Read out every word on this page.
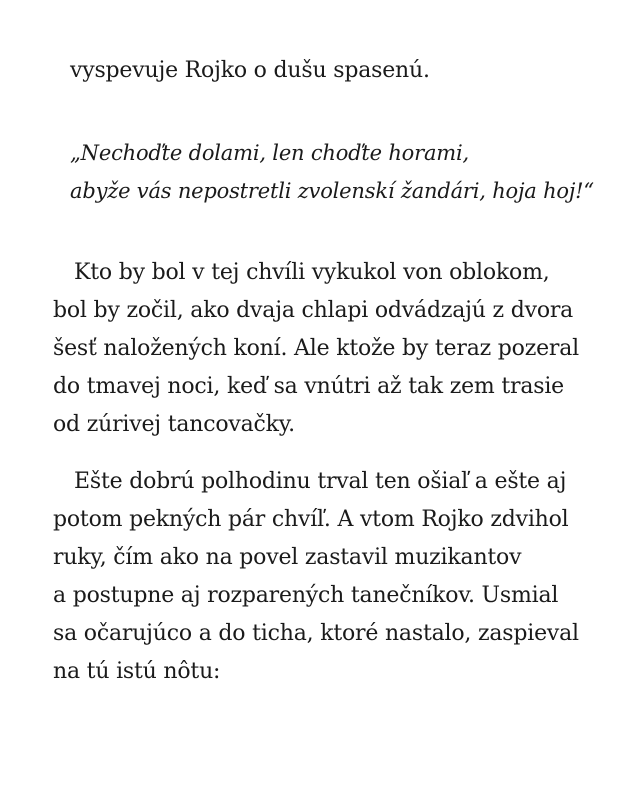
vyspevuje Rojko o dušu spasenú.
„Nechoďte dolami, len choďte horami,
abyže vás nepostretli zvolenskí žandári, hoja hoj!“
Kto by bol v tej chvíli vykukol von oblokom,
bol by zočil, ako dvaja chlapi odvádzajú z dvora
šesť naložených koní. Ale ktože by teraz pozeral
do tmavej noci, keď sa vnútri až tak zem trasie
od zúrivej tancovačky.
Ešte dobrú polhodinu trval ten ošiaľ a ešte aj
potom pekných pár chvíľ. A vtom Rojko zdvihol
ruky, čím ako na povel zastavil muzikantov
a postupne aj rozparených tanečníkov. Usmial
sa očarujúco a do ticha, ktoré nastalo, zaspieval
na tú istú nôtu:
